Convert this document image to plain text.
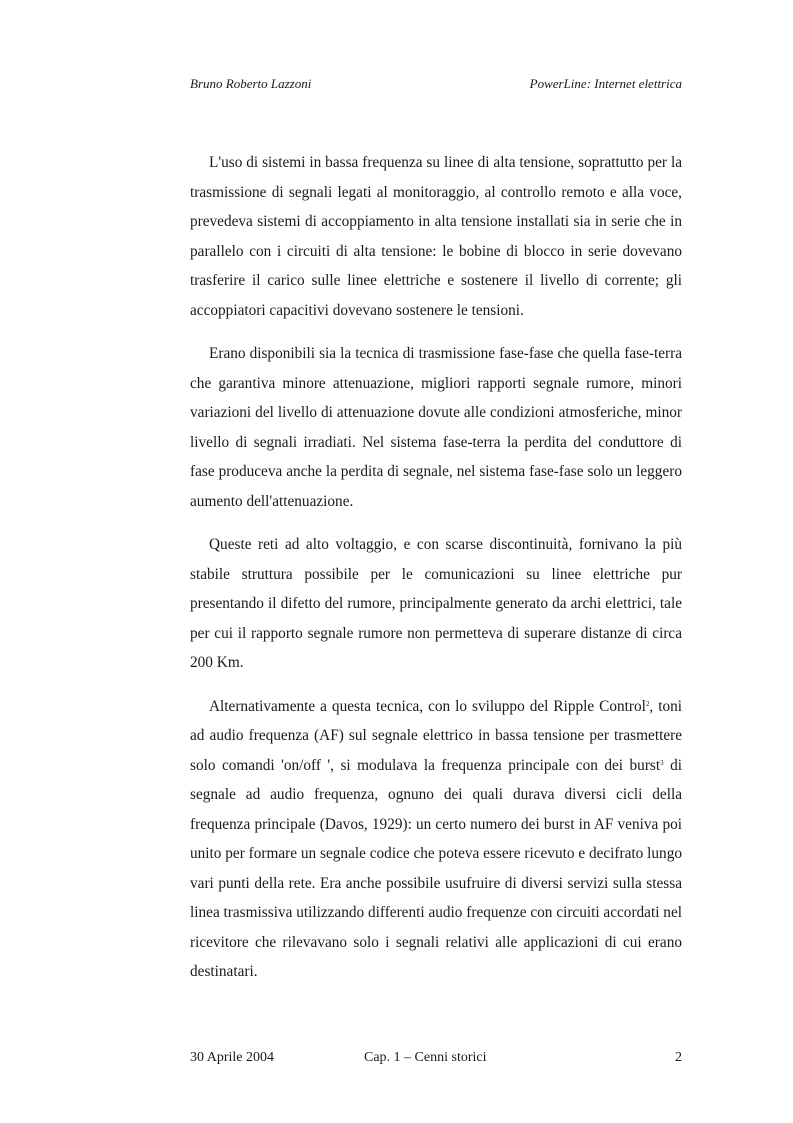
Bruno Roberto Lazzoni	PowerLine: Internet elettrica

L'uso di sistemi in bassa frequenza su linee di alta tensione, soprattutto per la trasmissione di segnali legati al monitoraggio, al controllo remoto e alla voce, prevedeva sistemi di accoppiamento in alta tensione installati sia in serie che in parallelo con i circuiti di alta tensione: le bobine di blocco in serie dovevano trasferire il carico sulle linee elettriche e sostenere il livello di corrente; gli accoppiatori capacitivi dovevano sostenere le tensioni.

Erano disponibili sia la tecnica di trasmissione fase-fase che quella fase-terra che garantiva minore attenuazione, migliori rapporti segnale rumore, minori variazioni del livello di attenuazione dovute alle condizioni atmosferiche, minor livello di segnali irradiati. Nel sistema fase-terra la perdita del conduttore di fase produceva anche la perdita di segnale, nel sistema fase-fase solo un leggero aumento dell'attenuazione.

Queste reti ad alto voltaggio, e con scarse discontinuità, fornivano la più stabile struttura possibile per le comunicazioni su linee elettriche pur presentando il difetto del rumore, principalmente generato da archi elettrici, tale per cui il rapporto segnale rumore non permetteva di superare distanze di circa 200 Km.

Alternativamente a questa tecnica, con lo sviluppo del Ripple Control$^2$, toni ad audio frequenza (AF) sul segnale elettrico in bassa tensione per trasmettere solo comandi 'on/off ', si modulava la frequenza principale con dei burst$^3$ di segnale ad audio frequenza, ognuno dei quali durava diversi cicli della frequenza principale (Davos, 1929): un certo numero dei burst in AF veniva poi unito per formare un segnale codice che poteva essere ricevuto e decifrato lungo vari punti della rete. Era anche possibile usufruire di diversi servizi sulla stessa linea trasmissiva utilizzando differenti audio frequenze con circuiti accordati nel ricevitore che rilevavano solo i segnali relativi alle applicazioni di cui erano destinatari.

30 Aprile 2004	Cap. 1 – Cenni storici	2
